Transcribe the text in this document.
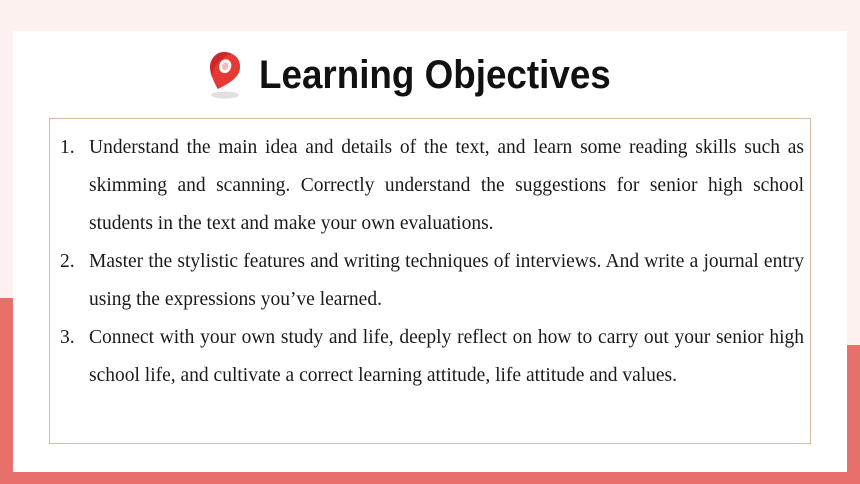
Learning Objectives
1. Understand the main idea and details of the text, and learn some reading skills such as skimming and scanning. Correctly understand the suggestions for senior high school students in the text and make your own evaluations.
2. Master the stylistic features and writing techniques of interviews. And write a journal entry using the expressions you’ve learned.
3. Connect with your own study and life, deeply reflect on how to carry out your senior high school life, and cultivate a correct learning attitude, life attitude and values.
